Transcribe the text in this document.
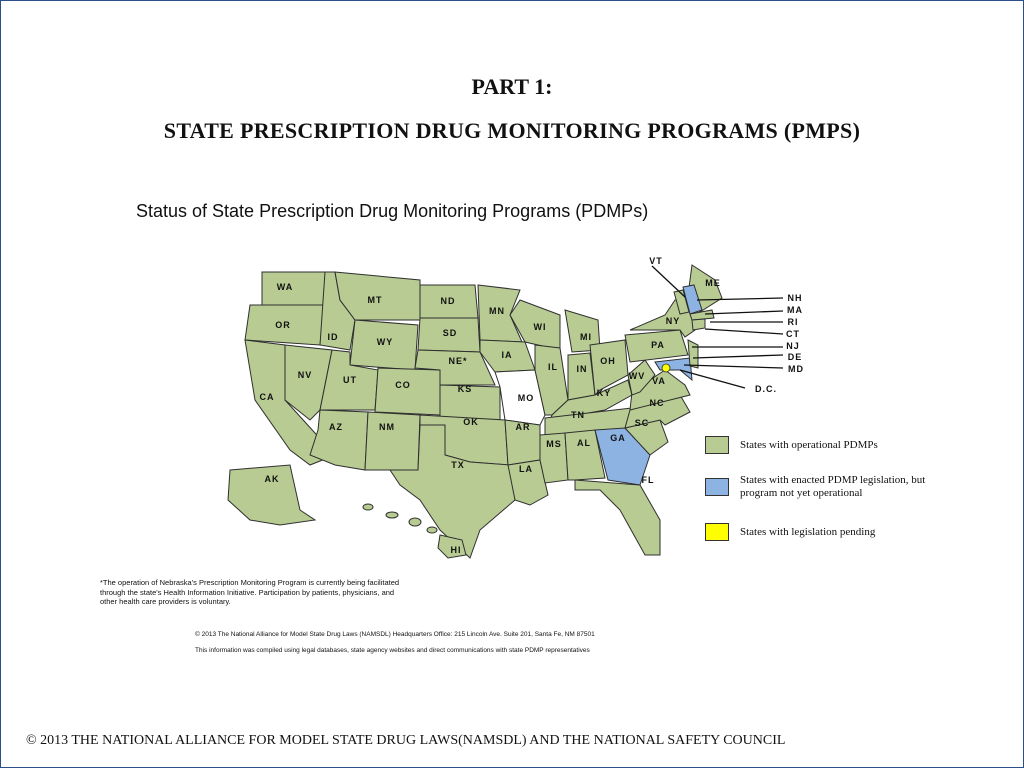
PART 1:
STATE PRESCRIPTION DRUG MONITORING PROGRAMS (PMPS)
Status of State Prescription Drug Monitoring Programs (PDMPs)
WA
OR
CA
NV
ID
MT
WY
UT	CO
AZ	NM
ND
SD
NE*
KS
OK
TX
MN
IA
MO
AR
LA
WI
IL
MI
IN
OH
KY
TN
MS AL GA
FL
SC
NC
VA
WV
PA
NY
ME
AK
HI
VT
NH
MA
RI
CT
NJ
DE
MD
D.C.
States with operational PDMPs
States with enacted PDMP legislation, but program not yet operational
States with legislation pending
*The operation of Nebraska's Prescription Monitoring Program is currently being facilitated through the state's Health Information Initiative. Participation by patients, physicians, and other health care providers is voluntary.
© 2013 The National Alliance for Model State Drug Laws (NAMSDL) Headquarters Office: 215 Lincoln Ave. Suite 201, Santa Fe, NM 87501
This information was compiled using legal databases, state agency websites and direct communications with state PDMP representatives
© 2013 THE NATIONAL ALLIANCE FOR MODEL STATE DRUG LAWS(NAMSDL) AND THE NATIONAL SAFETY COUNCIL
